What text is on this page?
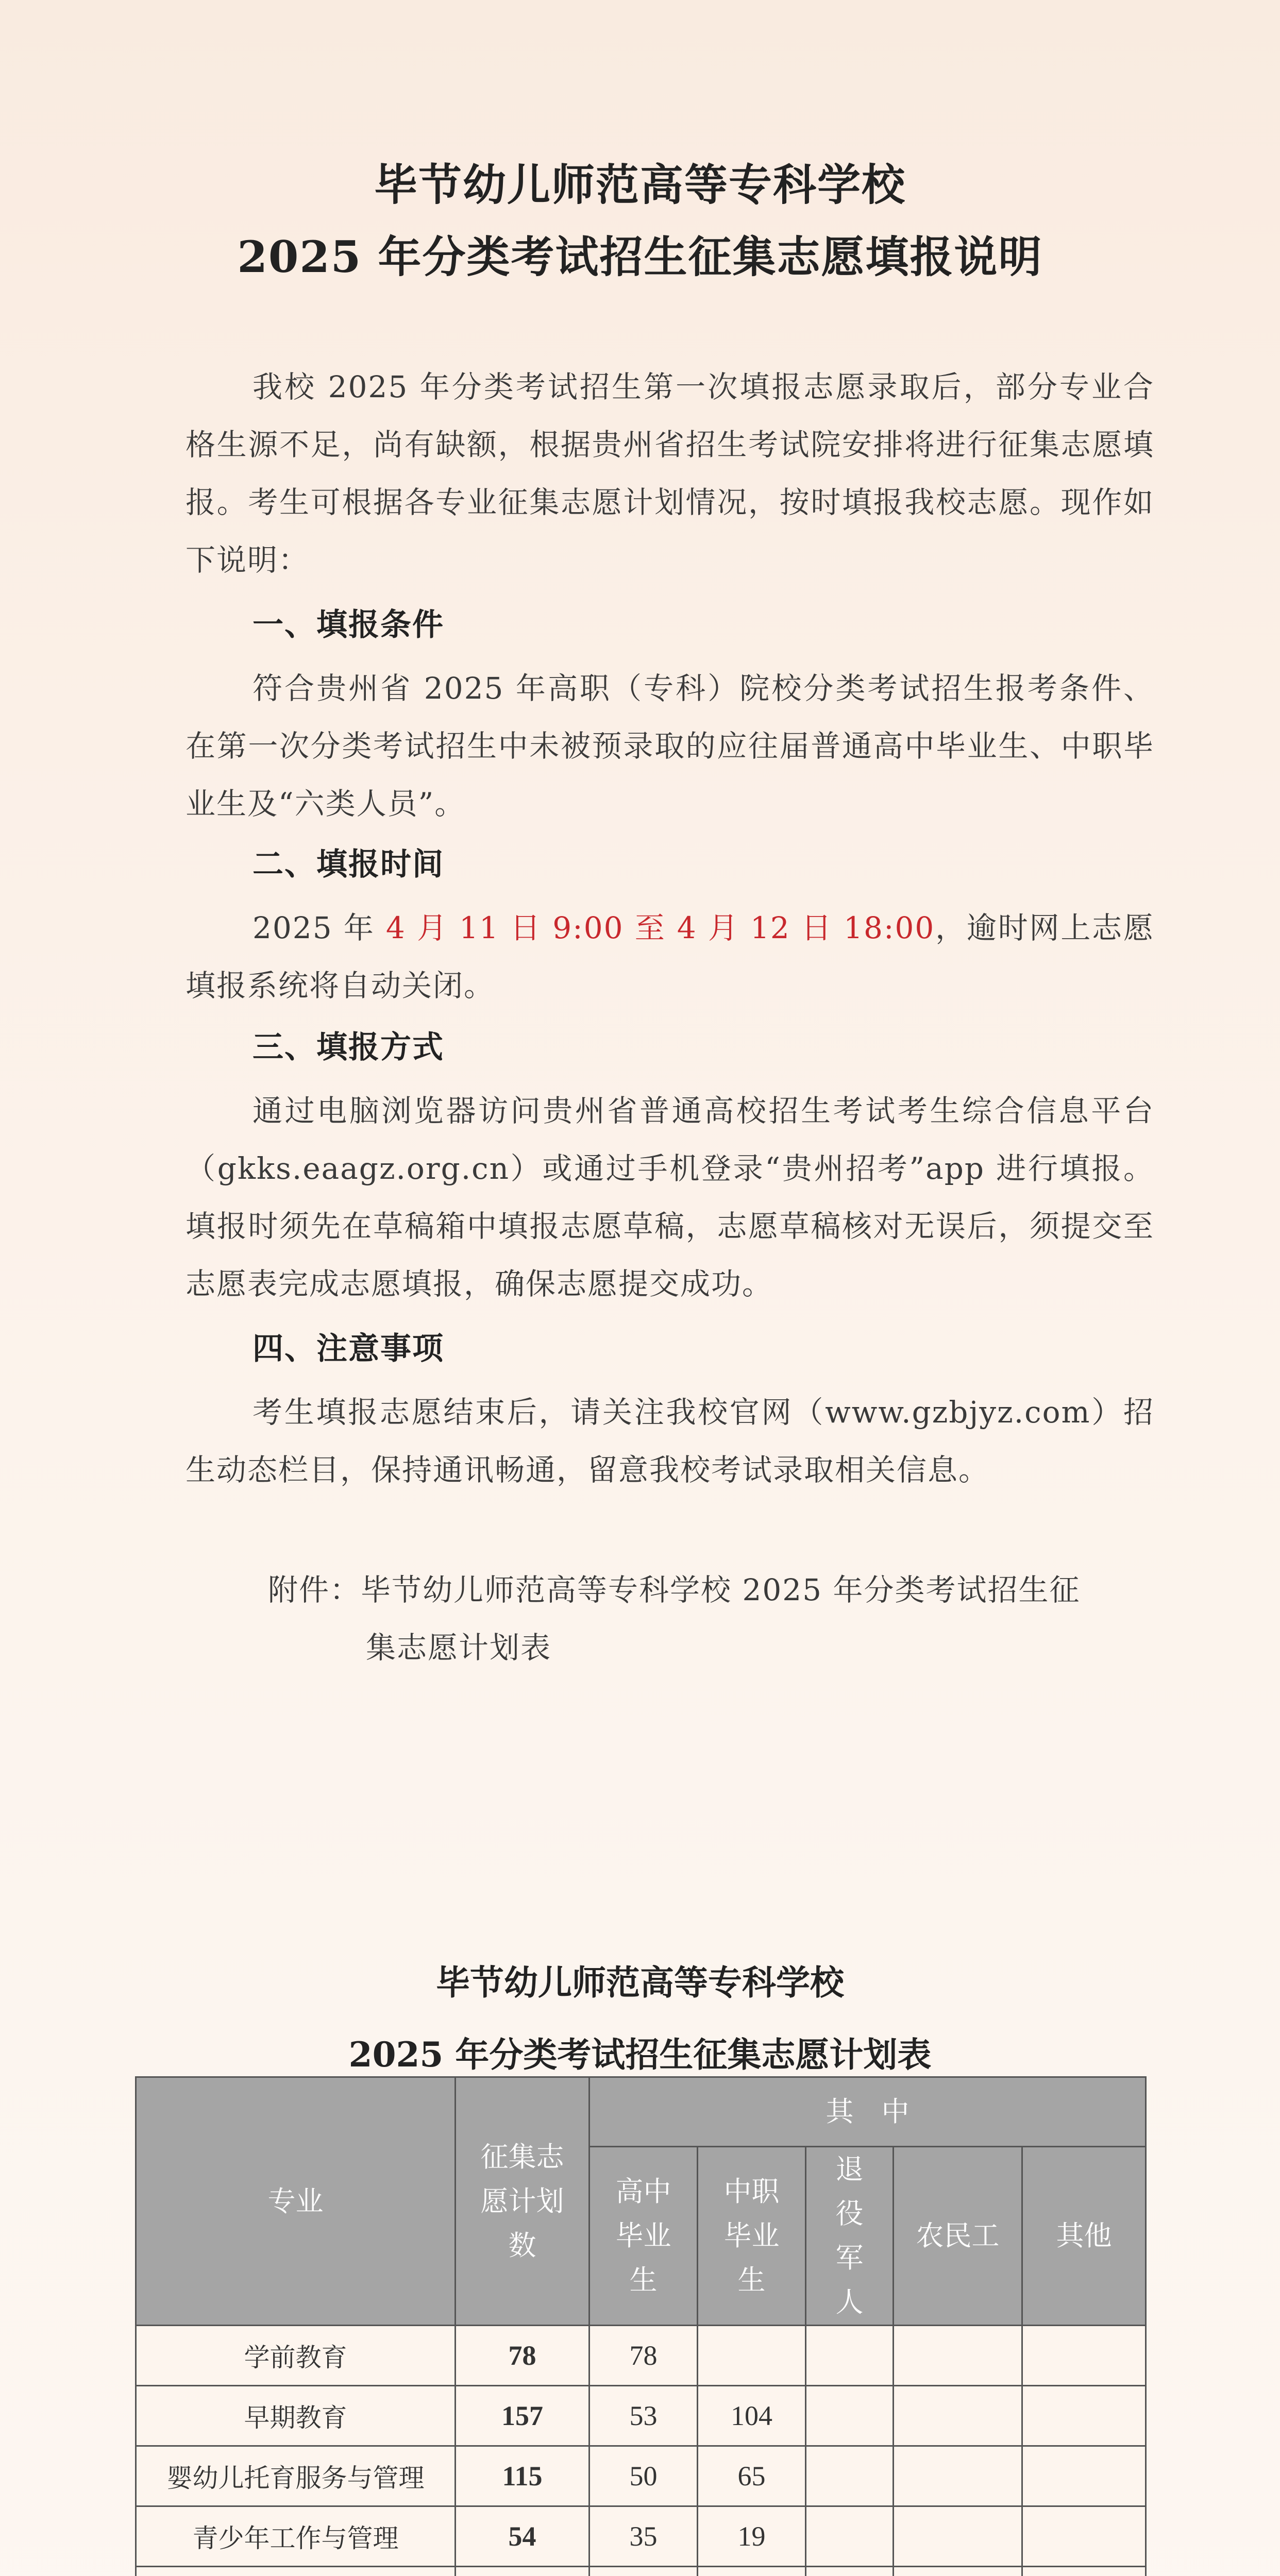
毕节幼儿师范高等专科学校
2025 年分类考试招生征集志愿填报说明

我校 2025 年分类考试招生第一次填报志愿录取后，部分专业合格生源不足，尚有缺额，根据贵州省招生考试院安排将进行征集志愿填报。考生可根据各专业征集志愿计划情况，按时填报我校志愿。现作如下说明：

一、填报条件

符合贵州省 2025 年高职（专科）院校分类考试招生报考条件、在第一次分类考试招生中未被预录取的应往届普通高中毕业生、中职毕业生及“六类人员”。

二、填报时间

2025 年 4 月 11 日 9:00 至 4 月 12 日 18:00，逾时网上志愿填报系统将自动关闭。

三、填报方式

通过电脑浏览器访问贵州省普通高校招生考试考生综合信息平台（gkks.eaagz.org.cn）或通过手机登录“贵州招考”app 进行填报。填报时须先在草稿箱中填报志愿草稿，志愿草稿核对无误后，须提交至志愿表完成志愿填报，确保志愿提交成功。

四、注意事项

考生填报志愿结束后，请关注我校官网（www.gzbjyz.com）招生动态栏目，保持通讯畅通，留意我校考试录取相关信息。

附件：毕节幼儿师范高等专科学校 2025 年分类考试招生征
集志愿计划表
毕节幼儿师范高等专科学校
2025 年分类考试招生征集志愿计划表
专业	征集志愿计划数	其　中				
		高中毕业生	中职毕业生	退役军人	农民工	其他
学前教育	78	78				
早期教育	157	53	104			
婴幼儿托育服务与管理	115	50	65			
青少年工作与管理	54	35	19			
